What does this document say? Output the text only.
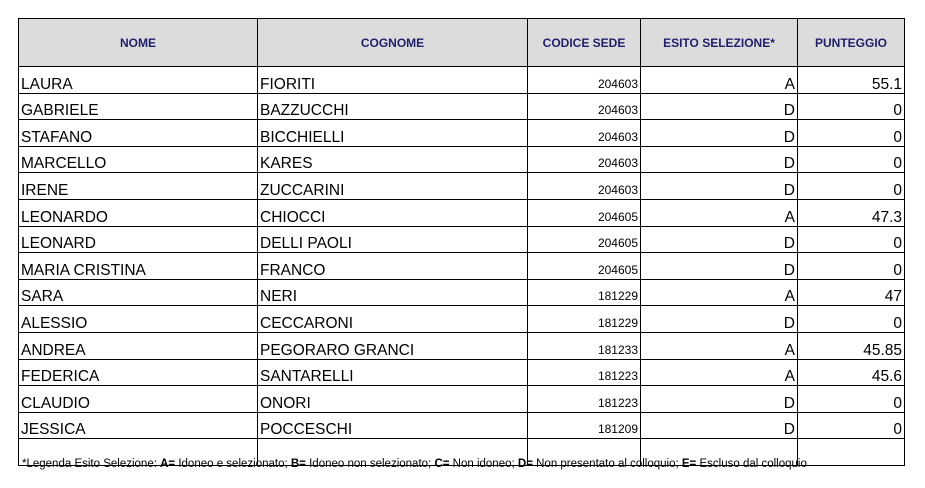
NOME	COGNOME	CODICE SEDE	ESITO SELEZIONE*	PUNTEGGIO
LAURA	FIORITI	204603	A	55.1
GABRIELE	BAZZUCCHI	204603	D	0
STAFANO	BICCHIELLI	204603	D	0
MARCELLO	KARES	204603	D	0
IRENE	ZUCCARINI	204603	D	0
LEONARDO	CHIOCCI	204605	A	47.3
LEONARD	DELLI PAOLI	204605	D	0
MARIA CRISTINA	FRANCO	204605	D	0
SARA	NERI	181229	A	47
ALESSIO	CECCARONI	181229	D	0
ANDREA	PEGORARO GRANCI	181233	A	45.85
FEDERICA	SANTARELLI	181223	A	45.6
CLAUDIO	ONORI	181223	D	0
JESSICA	POCCESCHI	181209	D	0

*Legenda Esito Selezione: A= Idoneo e selezionato; B= Idoneo non selezionato; C= Non idoneo; D= Non presentato al colloquio; E= Escluso dal colloquio
